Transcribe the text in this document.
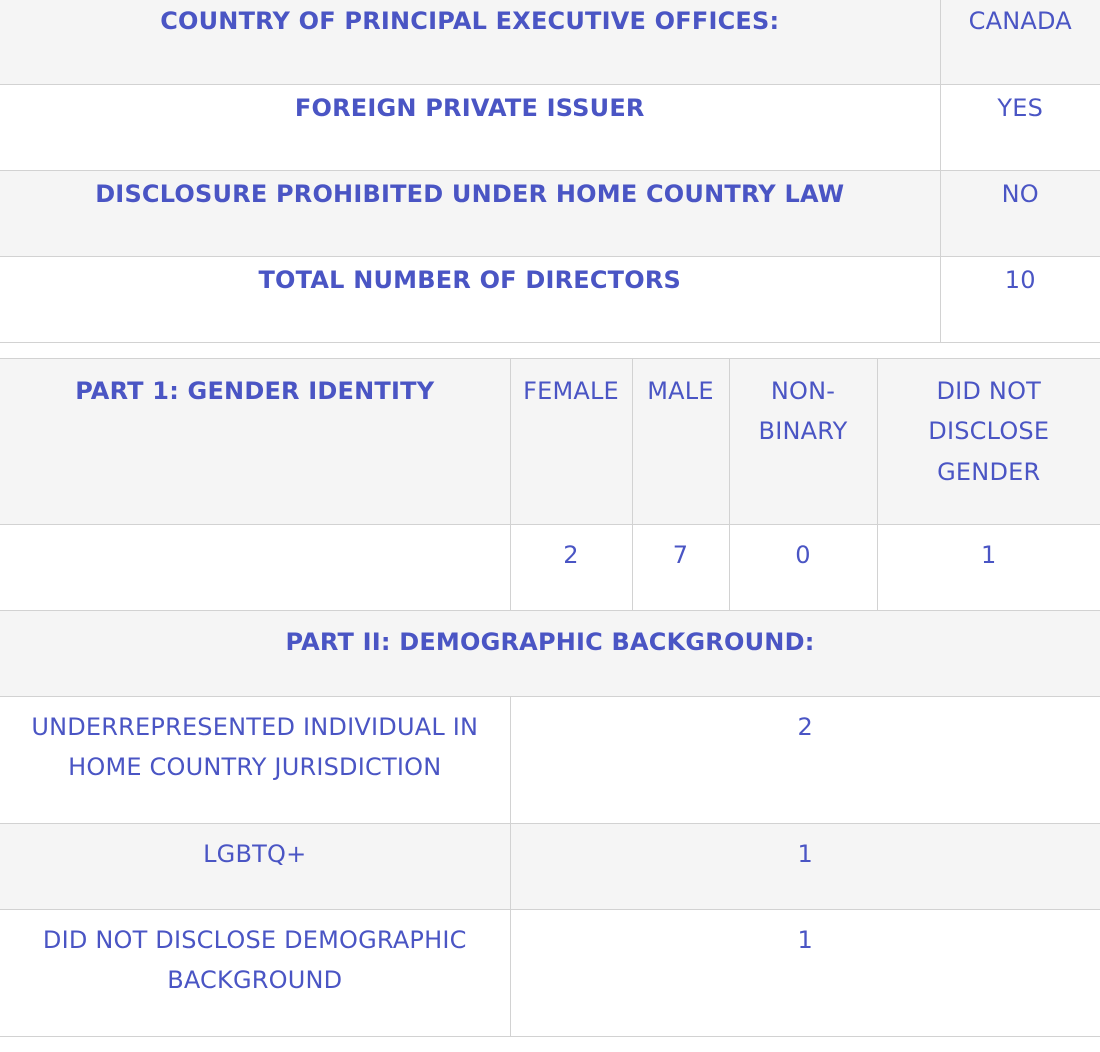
COUNTRY OF PRINCIPAL EXECUTIVE OFFICES:	CANADA
FOREIGN PRIVATE ISSUER	YES
DISCLOSURE PROHIBITED UNDER HOME COUNTRY LAW	NO
TOTAL NUMBER OF DIRECTORS	10
PART 1: GENDER IDENTITY	FEMALE	MALE	NON-BINARY	DID NOT DISCLOSE GENDER
	2	7	0	1
PART II: DEMOGRAPHIC BACKGROUND:	
UNDERREPRESENTED INDIVIDUAL IN HOME COUNTRY JURISDICTION	2
LGBTQ+	1
DID NOT DISCLOSE DEMOGRAPHIC BACKGROUND	1
